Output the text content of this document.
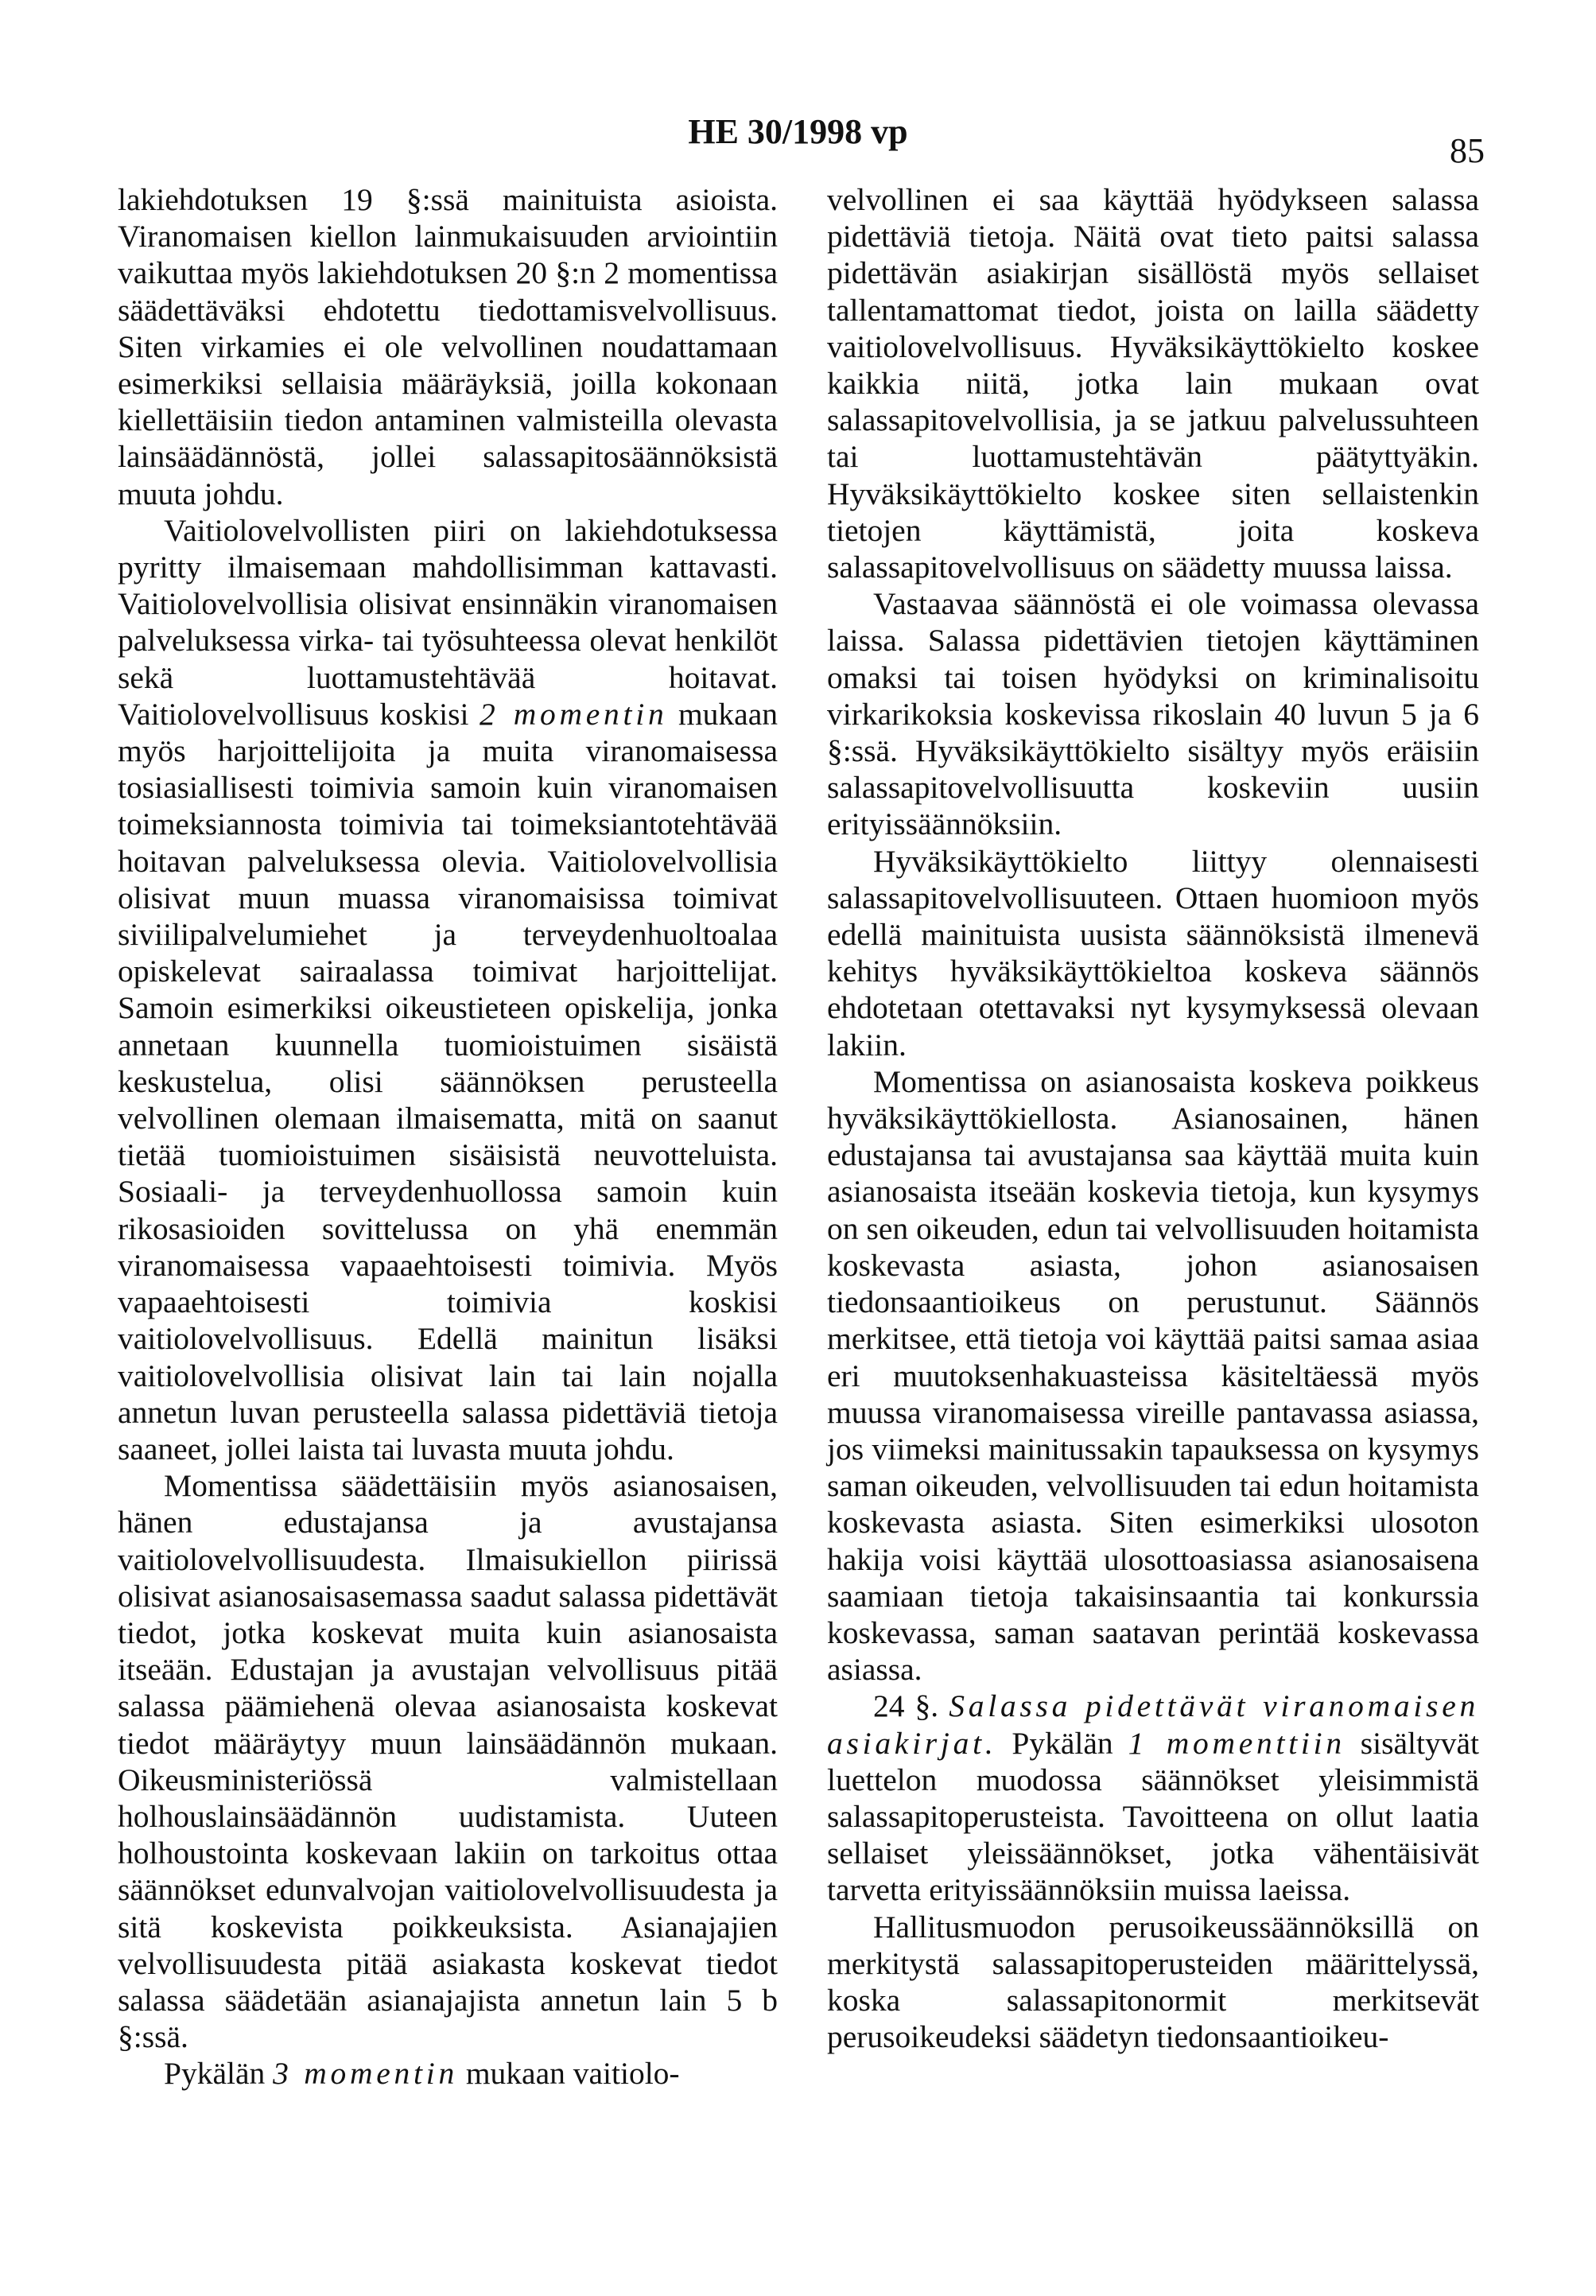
HE 30/1998 vp	85

lakiehdotuksen 19 §:ssä mainituista asioista. Viranomaisen kiellon lainmukaisuuden arviointiin vaikuttaa myös lakiehdotuksen 20 §:n 2 momentissa säädettäväksi ehdotettu tiedottamisvelvollisuus. Siten virkamies ei ole velvollinen noudattamaan esimerkiksi sellaisia määräyksiä, joilla kokonaan kiellettäisiin tiedon antaminen valmisteilla olevasta lainsäädännöstä, jollei salassapitosäännöksistä muuta johdu.

Vaitiolovelvollisten piiri on lakiehdotuksessa pyritty ilmaisemaan mahdollisimman kattavasti. Vaitiolovelvollisia olisivat ensinnäkin viranomaisen palveluksessa virka- tai työsuhteessa olevat henkilöt sekä luottamustehtävää hoitavat. Vaitiolovelvollisuus koskisi 2 momentin mukaan myös harjoittelijoita ja muita viranomaisessa tosiasiallisesti toimivia samoin kuin viranomaisen toimeksiannosta toimivia tai toimeksiantotehtävää hoitavan palveluksessa olevia. Vaitiolovelvollisia olisivat muun muassa viranomaisissa toimivat siviilipalvelumiehet ja terveydenhuoltoalaa opiskelevat sairaalassa toimivat harjoittelijat. Samoin esimerkiksi oikeustieteen opiskelija, jonka annetaan kuunnella tuomioistuimen sisäistä keskustelua, olisi säännöksen perusteella velvollinen olemaan ilmaisematta, mitä on saanut tietää tuomioistuimen sisäisistä neuvotteluista. Sosiaali- ja terveydenhuollossa samoin kuin rikosasioiden sovittelussa on yhä enemmän viranomaisessa vapaaehtoisesti toimivia. Myös vapaaehtoisesti toimivia koskisi vaitiolovelvollisuus. Edellä mainitun lisäksi vaitiolovelvollisia olisivat lain tai lain nojalla annetun luvan perusteella salassa pidettäviä tietoja saaneet, jollei laista tai luvasta muuta johdu.

Momentissa säädettäisiin myös asianosaisen, hänen edustajansa ja avustajansa vaitiolovelvollisuudesta. Ilmaisukiellon piirissä olisivat asianosaisasemassa saadut salassa pidettävät tiedot, jotka koskevat muita kuin asianosaista itseään. Edustajan ja avustajan velvollisuus pitää salassa päämiehenä olevaa asianosaista koskevat tiedot määräytyy muun lainsäädännön mukaan. Oikeusministeriössä valmistellaan holhouslainsäädännön uudistamista. Uuteen holhoustointa koskevaan lakiin on tarkoitus ottaa säännökset edunvalvojan vaitiolovelvollisuudesta ja sitä koskevista poikkeuksista. Asianajajien velvollisuudesta pitää asiakasta koskevat tiedot salassa säädetään asianajajista annetun lain 5 b §:ssä.

Pykälän 3 momentin mukaan vaitiolo-

velvollinen ei saa käyttää hyödykseen salassa pidettäviä tietoja. Näitä ovat tieto paitsi salassa pidettävän asiakirjan sisällöstä myös sellaiset tallentamattomat tiedot, joista on lailla säädetty vaitiolovelvollisuus. Hyväksikäyttökielto koskee kaikkia niitä, jotka lain mukaan ovat salassapitovelvollisia, ja se jatkuu palvelussuhteen tai luottamustehtävän päätyttyäkin. Hyväksikäyttökielto koskee siten sellaistenkin tietojen käyttämistä, joita koskeva salassapitovelvollisuus on säädetty muussa laissa.

Vastaavaa säännöstä ei ole voimassa olevassa laissa. Salassa pidettävien tietojen käyttäminen omaksi tai toisen hyödyksi on kriminalisoitu virkarikoksia koskevissa rikoslain 40 luvun 5 ja 6 §:ssä. Hyväksikäyttökielto sisältyy myös eräisiin salassapitovelvollisuutta koskeviin uusiin erityissäännöksiin.

Hyväksikäyttökielto liittyy olennaisesti salassapitovelvollisuuteen. Ottaen huomioon myös edellä mainituista uusista säännöksistä ilmenevä kehitys hyväksikäyttökieltoa koskeva säännös ehdotetaan otettavaksi nyt kysymyksessä olevaan lakiin.

Momentissa on asianosaista koskeva poikkeus hyväksikäyttökiellosta. Asianosainen, hänen edustajansa tai avustajansa saa käyttää muita kuin asianosaista itseään koskevia tietoja, kun kysymys on sen oikeuden, edun tai velvollisuuden hoitamista koskevasta asiasta, johon asianosaisen tiedonsaantioikeus on perustunut. Säännös merkitsee, että tietoja voi käyttää paitsi samaa asiaa eri muutoksenhakuasteissa käsiteltäessä myös muussa viranomaisessa vireille pantavassa asiassa, jos viimeksi mainitussakin tapauksessa on kysymys saman oikeuden, velvollisuuden tai edun hoitamista koskevasta asiasta. Siten esimerkiksi ulosoton hakija voisi käyttää ulosottoasiassa asianosaisena saamiaan tietoja takaisinsaantia tai konkurssia koskevassa, saman saatavan perintää koskevassa asiassa.

24 §. Salassa pidettävät viranomaisen asiakirjat. Pykälän 1 momenttiin sisältyvät luettelon muodossa säännökset yleisimmistä salassapitoperusteista. Tavoitteena on ollut laatia sellaiset yleissäännökset, jotka vähentäisivät tarvetta erityissäännöksiin muissa laeissa.

Hallitusmuodon perusoikeussäännöksillä on merkitystä salassapitoperusteiden määrittelyssä, koska salassapitonormit merkitsevät perusoikeudeksi säädetyn tiedonsaantioikeu-
